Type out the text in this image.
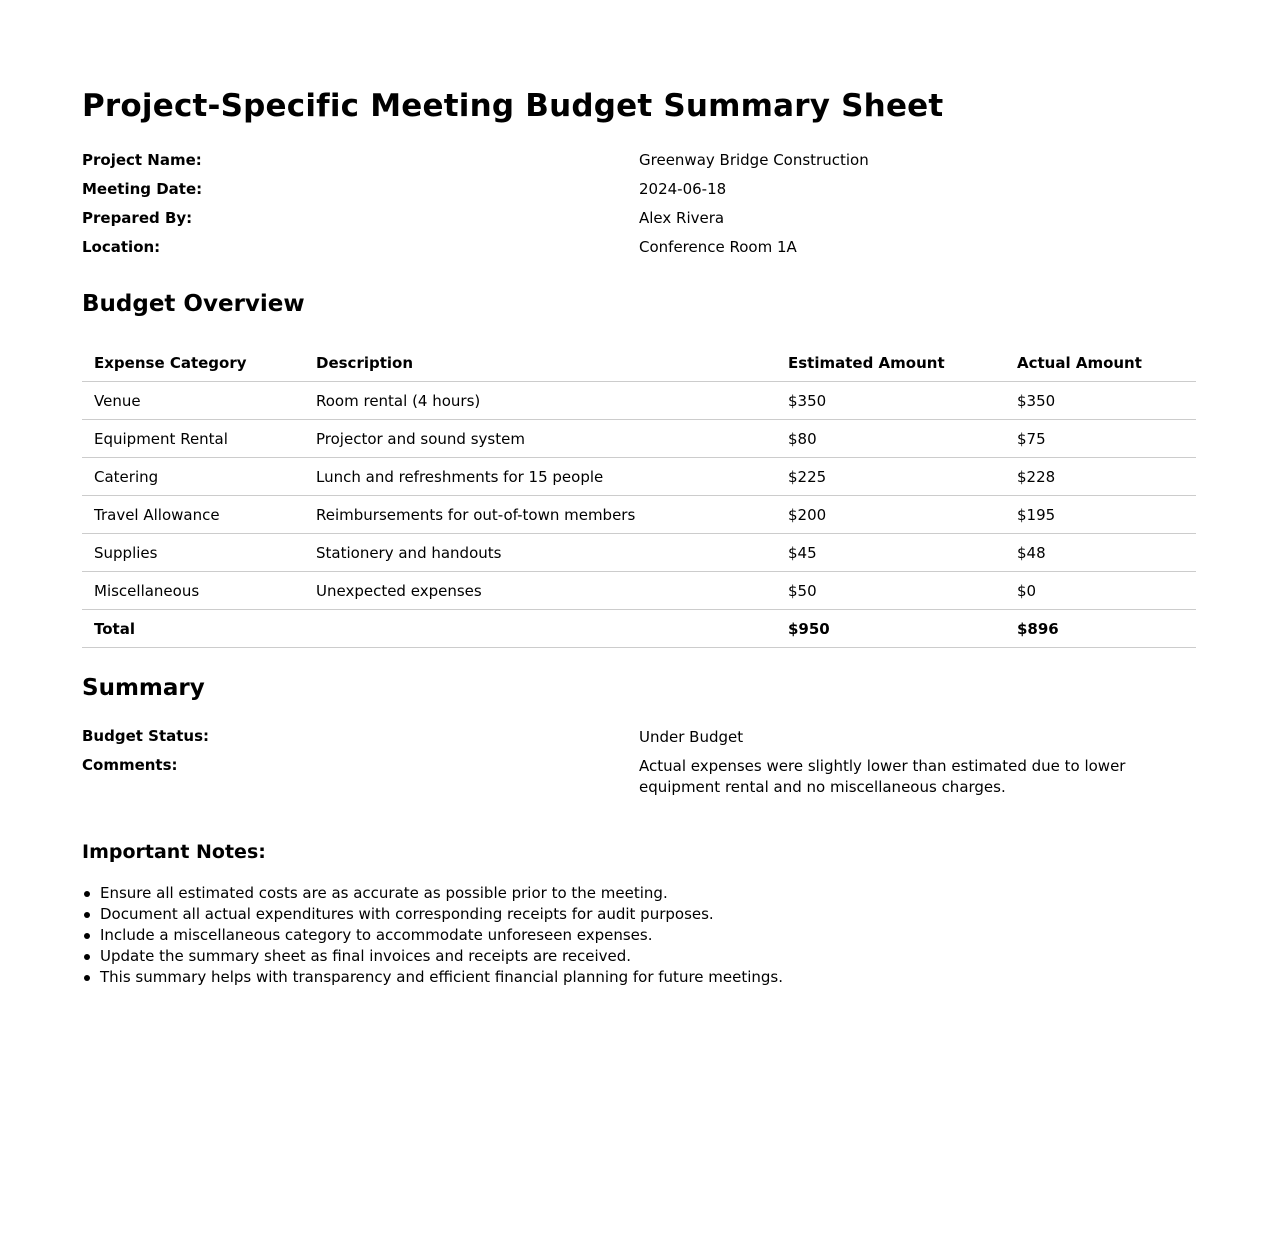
Project-Specific Meeting Budget Summary Sheet
Project Name:	Greenway Bridge Construction
Meeting Date:	2024-06-18
Prepared By:	Alex Rivera
Location:	Conference Room 1A
Budget Overview
Expense Category	Description	Estimated Amount	Actual Amount
Venue	Room rental (4 hours)	$350	$350
Equipment Rental	Projector and sound system	$80	$75
Catering	Lunch and refreshments for 15 people	$225	$228
Travel Allowance	Reimbursements for out-of-town members	$200	$195
Supplies	Stationery and handouts	$45	$48
Miscellaneous	Unexpected expenses	$50	$0
Total		$950	$896
Summary
Budget Status:	Under Budget
Comments:	Actual expenses were slightly lower than estimated due to lower equipment rental and no miscellaneous charges.
Important Notes:
Ensure all estimated costs are as accurate as possible prior to the meeting.
Document all actual expenditures with corresponding receipts for audit purposes.
Include a miscellaneous category to accommodate unforeseen expenses.
Update the summary sheet as final invoices and receipts are received.
This summary helps with transparency and efficient financial planning for future meetings.
